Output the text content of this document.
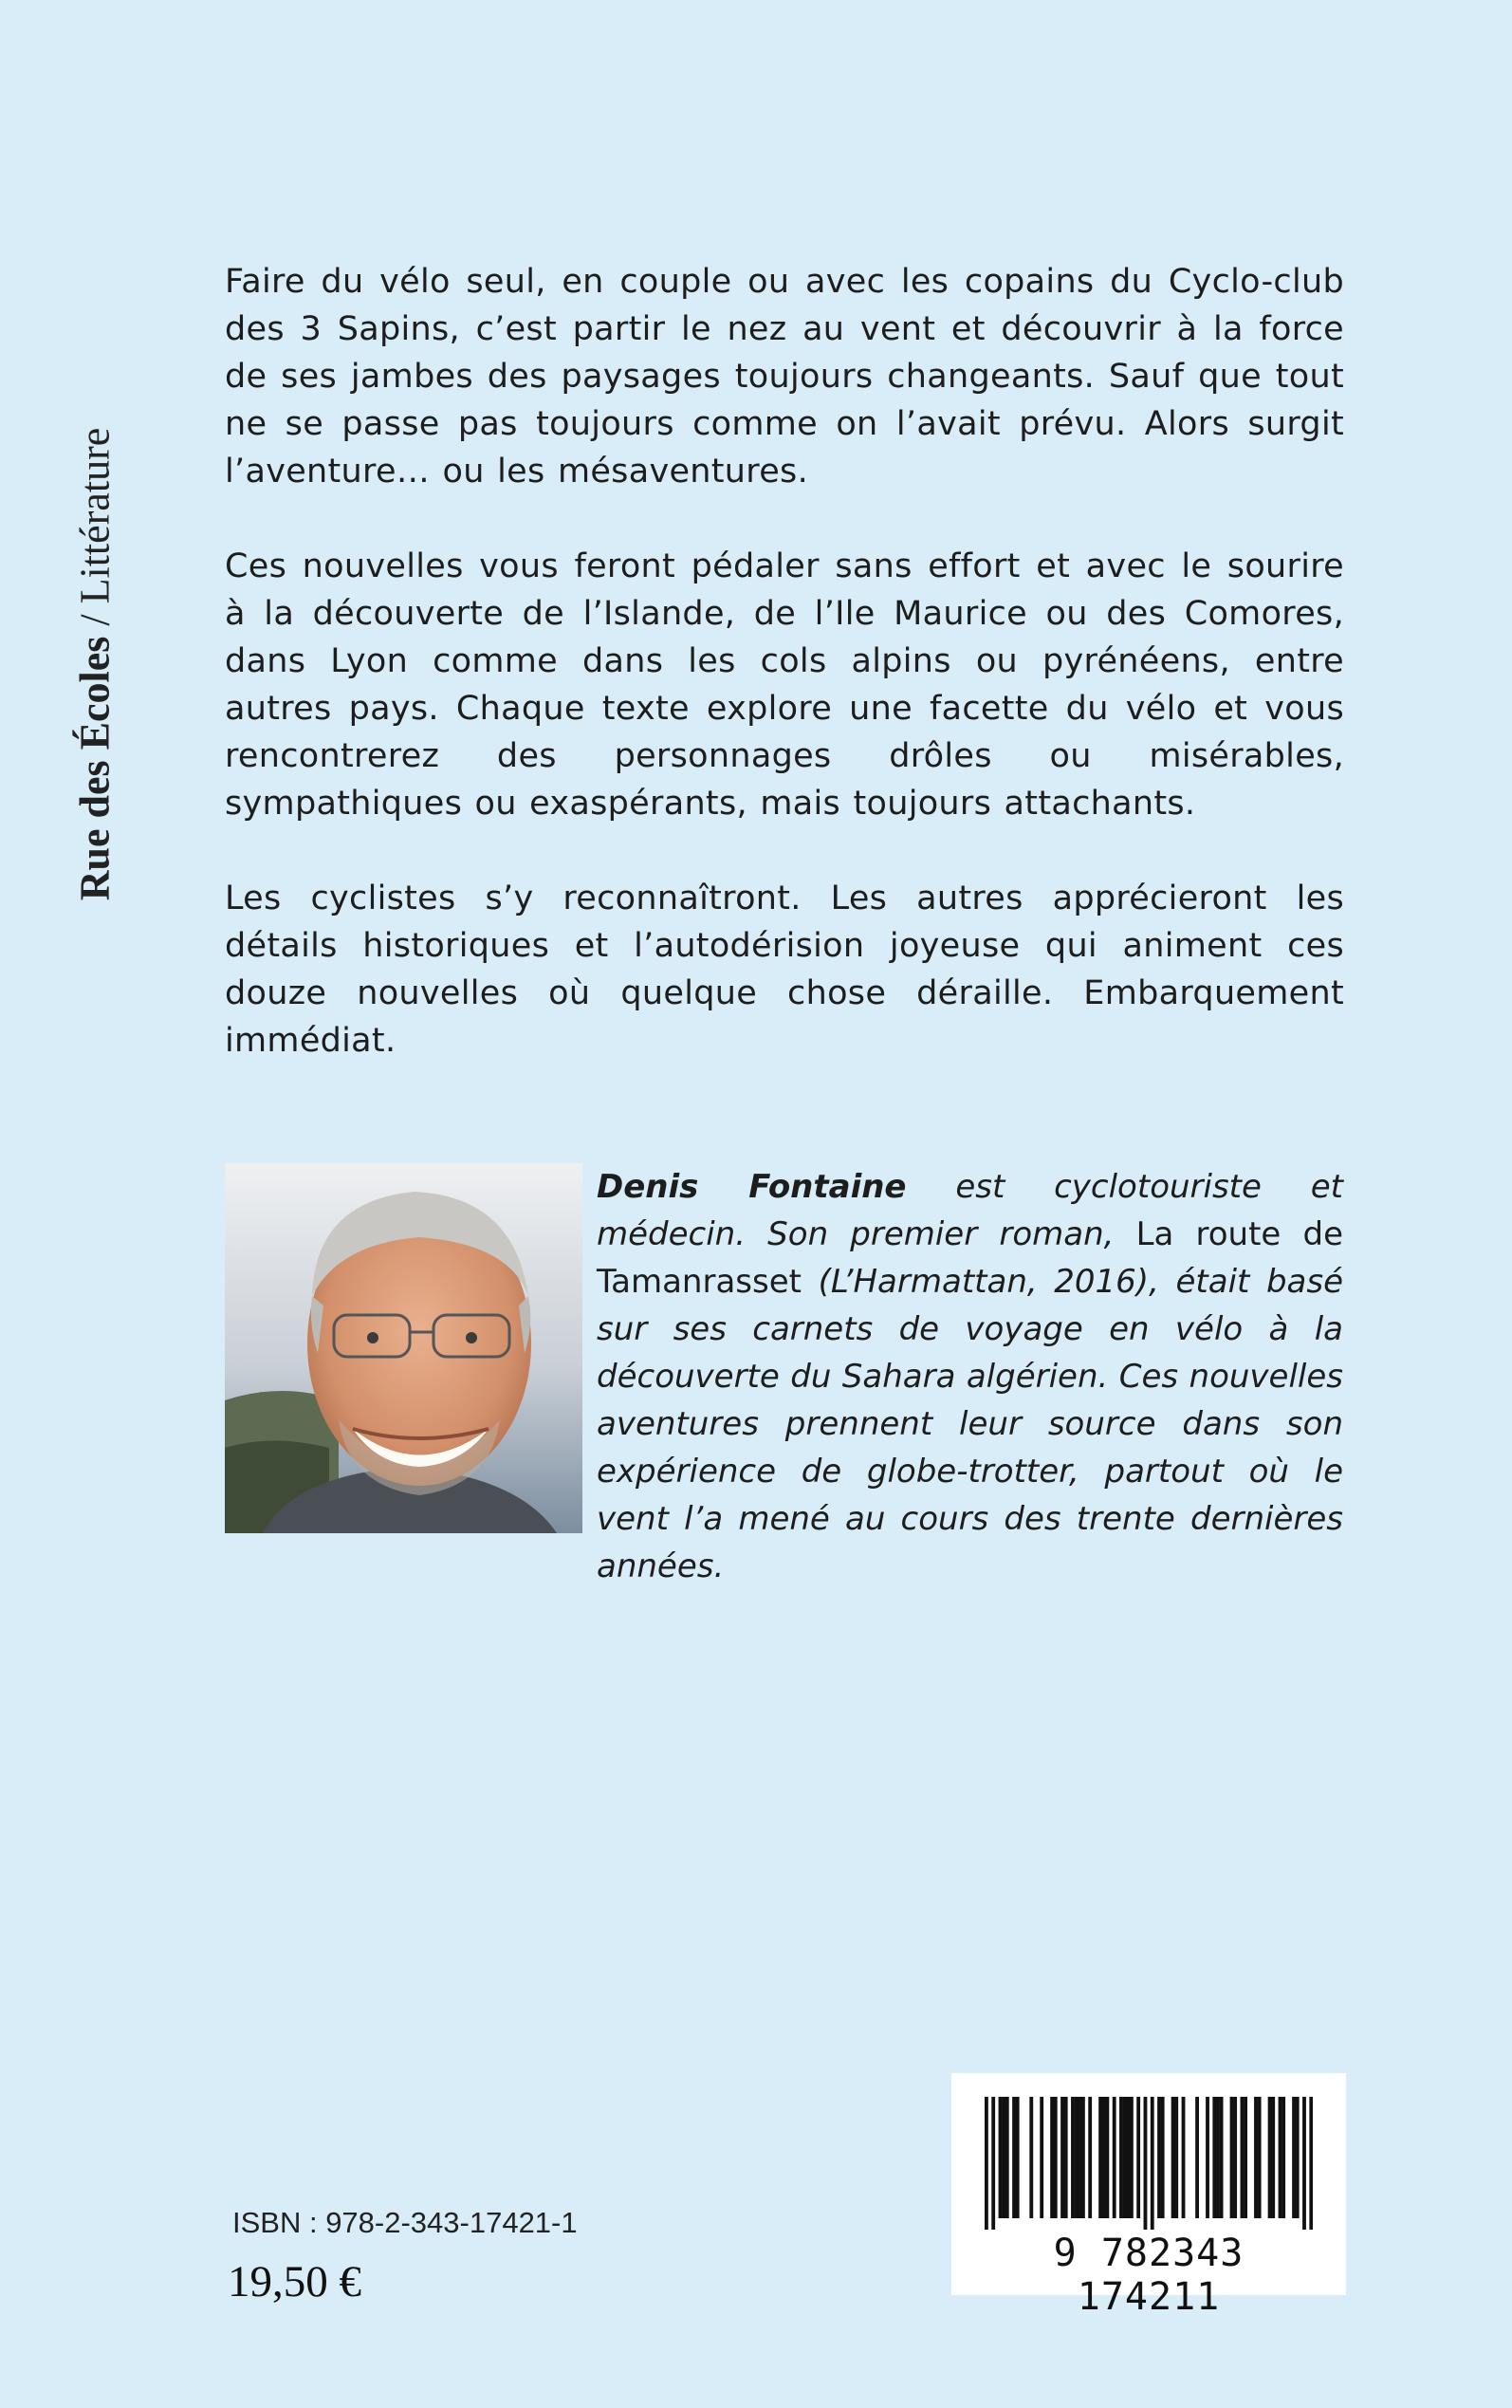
Rue des Écoles / Littérature

Faire du vélo seul, en couple ou avec les copains du Cyclo-club des 3 Sapins, c’est partir le nez au vent et découvrir à la force de ses jambes des paysages toujours changeants. Sauf que tout ne se passe pas toujours comme on l’avait prévu. Alors surgit l’aventure… ou les mésaventures.

Ces nouvelles vous feront pédaler sans effort et avec le sourire à la découverte de l’Islande, de l’Ile Maurice ou des Comores, dans Lyon comme dans les cols alpins ou pyrénéens, entre autres pays. Chaque texte explore une facette du vélo et vous rencontrerez des personnages drôles ou misérables, sympathiques ou exaspérants, mais toujours attachants.

Les cyclistes s’y reconnaîtront. Les autres apprécieront les détails historiques et l’autodérision joyeuse qui animent ces douze nouvelles où quelque chose déraille. Embarquement immédiat.

Denis Fontaine est cyclotouriste et médecin. Son premier roman, La route de Tamanrasset (L’Harmattan, 2016), était basé sur ses carnets de voyage en vélo à la découverte du Sahara algérien. Ces nouvelles aventures prennent leur source dans son expérience de globe-trotter, partout où le vent l’a mené au cours des trente dernières années.
ISBN : 978-2-343-17421-1
19,50 €
9 782343 174211
